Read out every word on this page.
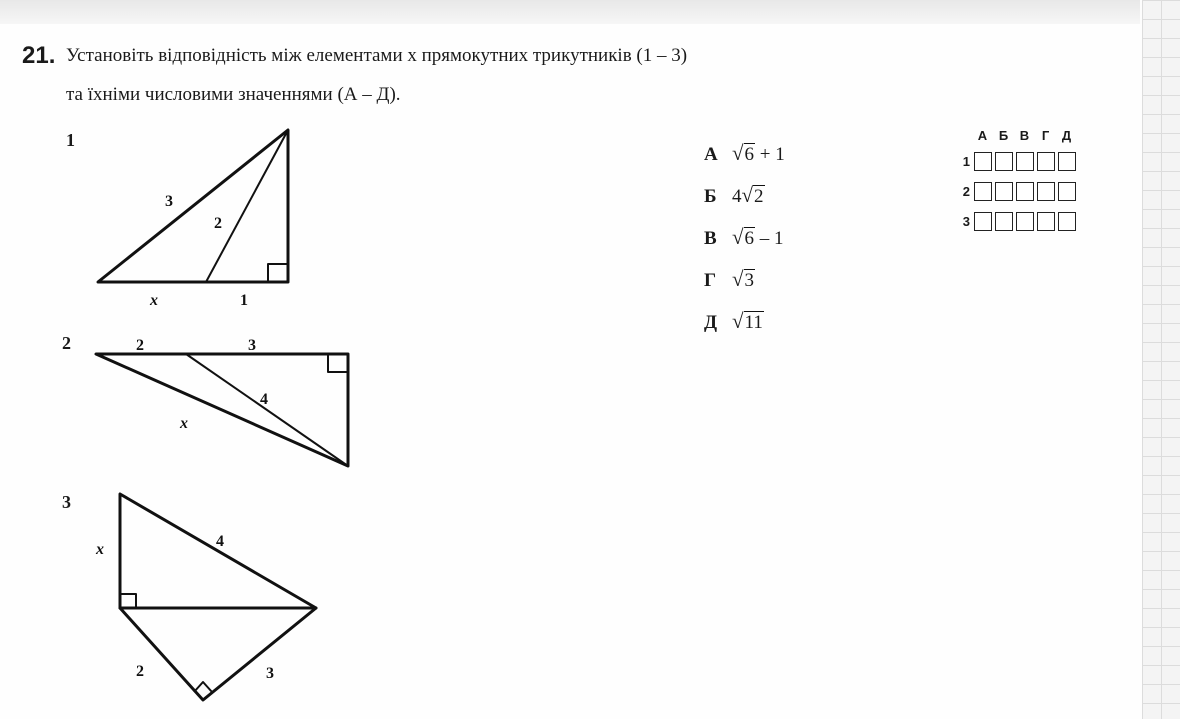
21. Установіть відповідність між елементами x прямокутних трикутників (1 – 3)
та їхніми числовими значеннями (А – Д).
1
2
3
3
2
x	1
2	3
4
x
x	4
2	3
А √6 + 1
Б 4√2
В √6 – 1
Г √3
Д √11
А Б В Г Д
1
2
3
